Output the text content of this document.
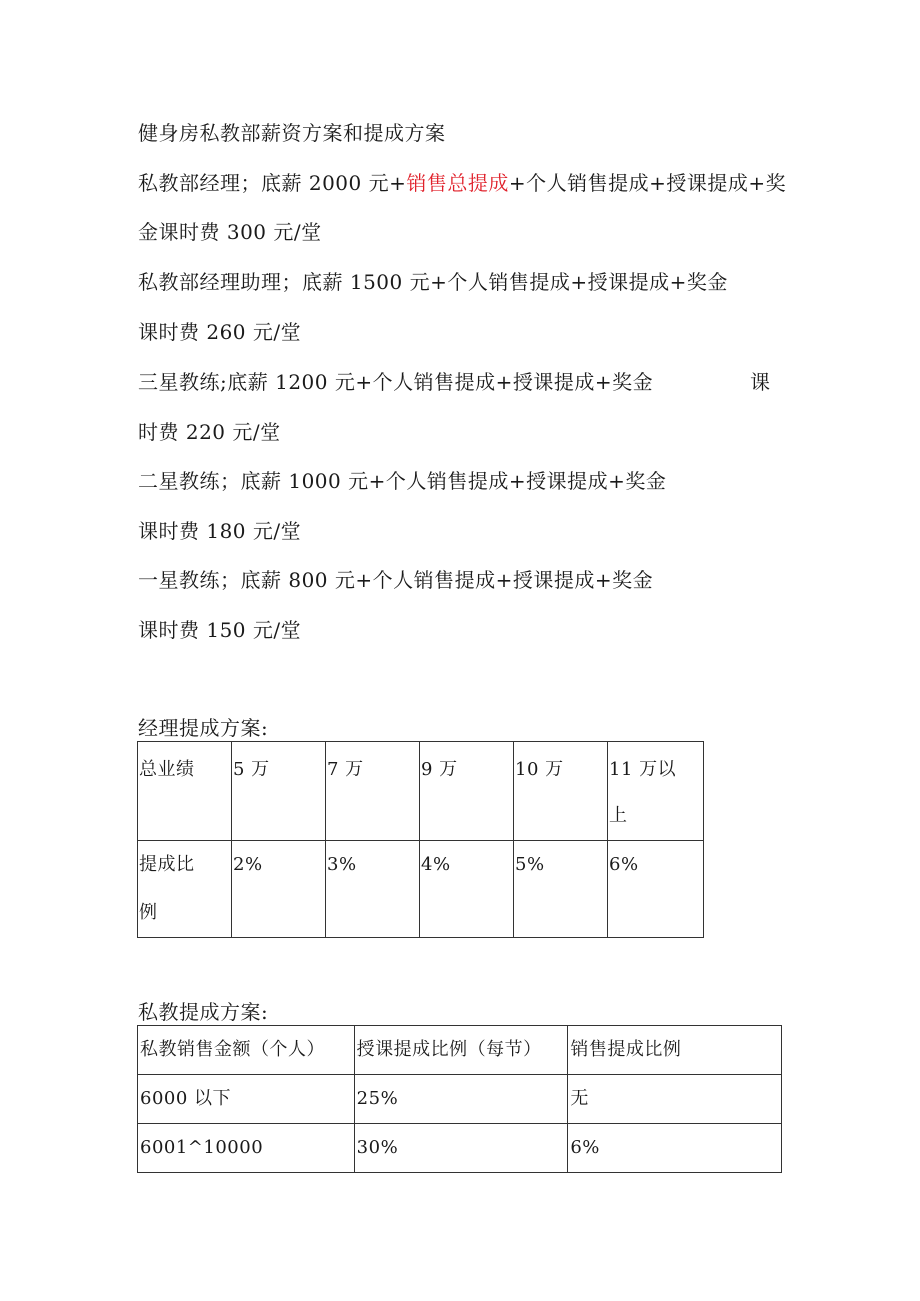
健身房私教部薪资方案和提成方案
私教部经理；底薪 2000 元+销售总提成+个人销售提成+授课提成+奖
金课时费 300 元/堂
私教部经理助理；底薪 1500 元+个人销售提成+授课提成+奖金
课时费 260 元/堂
三星教练;底薪 1200 元+个人销售提成+授课提成+奖金	课
时费 220 元/堂
二星教练；底薪 1000 元+个人销售提成+授课提成+奖金
课时费 180 元/堂
一星教练；底薪 800 元+个人销售提成+授课提成+奖金
课时费 150 元/堂
经理提成方案:
总业绩	5 万	7 万	9 万	10 万	11 万以
上

提成比
例	2%	3%	4%	5%	6%
私教提成方案:
私教销售金额（个人）	授课提成比例（每节）	销售提成比例

6000 以下	25%	无

6001^10000	30%	6%
